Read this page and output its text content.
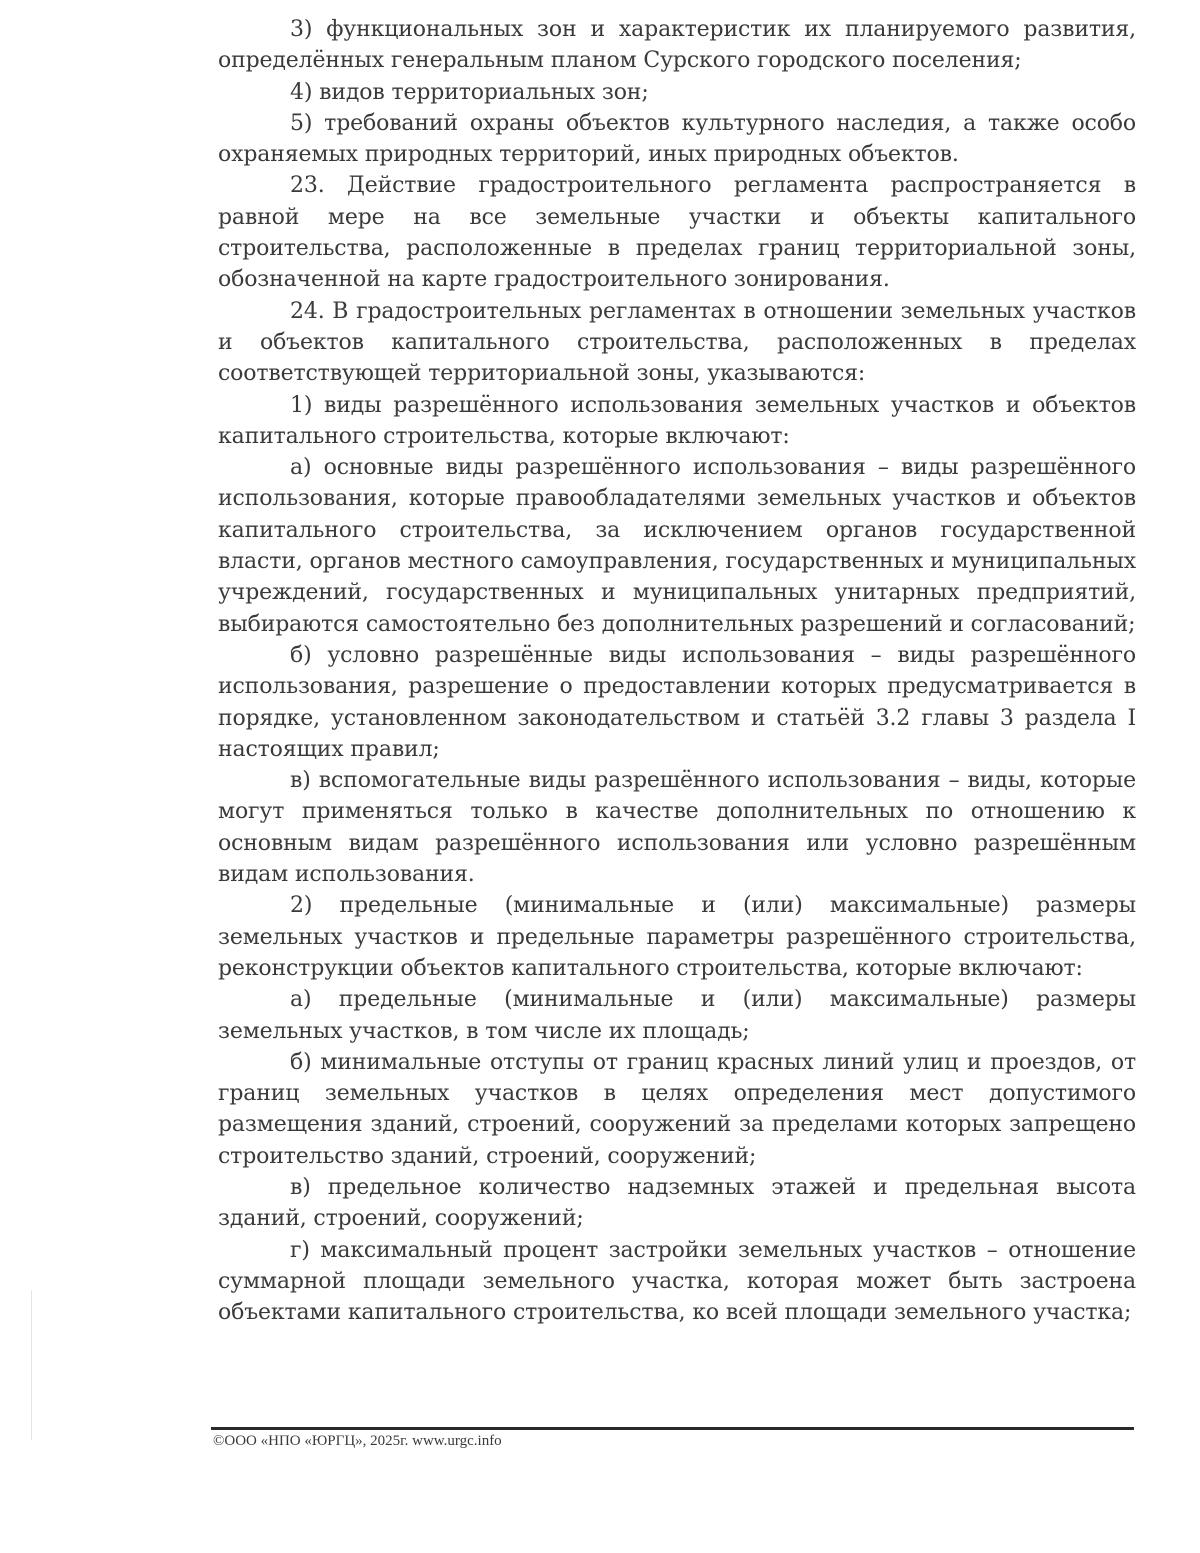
3) функциональных зон и характеристик их планируемого развития, определённых генеральным планом Сурского городского поселения;

4) видов территориальных зон;

5) требований охраны объектов культурного наследия, а также особо охраняемых природных территорий, иных природных объектов.

23. Действие градостроительного регламента распространяется в равной мере на все земельные участки и объекты капитального строительства, расположенные в пределах границ территориальной зоны, обозначенной на карте градостроительного зонирования.

24. В градостроительных регламентах в отношении земельных участков и объектов капитального строительства, расположенных в пределах соответствующей территориальной зоны, указываются:

1) виды разрешённого использования земельных участков и объектов капитального строительства, которые включают:

а) основные виды разрешённого использования – виды разрешённого использования, которые правообладателями земельных участков и объектов капитального строительства, за исключением органов государственной власти, органов местного самоуправления, государственных и муниципальных учреждений, государственных и муниципальных унитарных предприятий, выбираются самостоятельно без дополнительных разрешений и согласований;

б) условно разрешённые виды использования – виды разрешённого использования, разрешение о предоставлении которых предусматривается в порядке, установленном законодательством и статьёй 3.2 главы 3 раздела I настоящих правил;

в) вспомогательные виды разрешённого использования – виды, которые могут применяться только в качестве дополнительных по отношению к основным видам разрешённого использования или условно разрешённым видам использования.

2) предельные (минимальные и (или) максимальные) размеры земельных участков и предельные параметры разрешённого строительства, реконструкции объектов капитального строительства, которые включают:

а) предельные (минимальные и (или) максимальные) размеры земельных участков, в том числе их площадь;

б) минимальные отступы от границ красных линий улиц и проездов, от границ земельных участков в целях определения мест допустимого размещения зданий, строений, сооружений за пределами которых запрещено строительство зданий, строений, сооружений;

в) предельное количество надземных этажей и предельная высота зданий, строений, сооружений;

г) максимальный процент застройки земельных участков – отношение суммарной площади земельного участка, которая может быть застроена объектами капитального строительства, ко всей площади земельного участка;

©ООО «НПО «ЮРГЦ», 2025г. www.urgc.info
